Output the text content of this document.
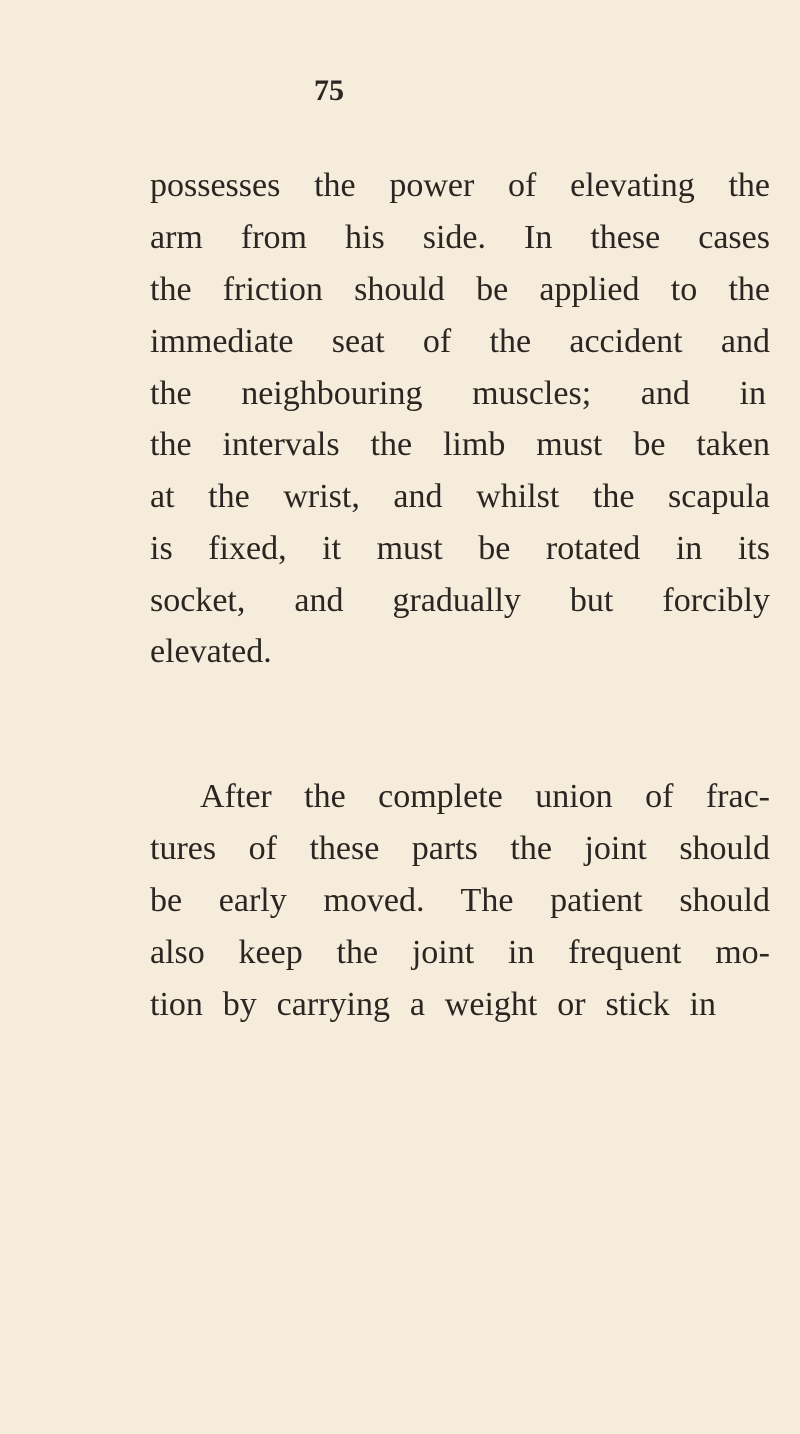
75
possesses the power of elevating the
arm from his side. In these cases
the friction should be applied to the
immediate seat of the accident and
the neighbouring muscles; and in
the intervals the limb must be taken
at the wrist, and whilst the scapula
is fixed, it must be rotated in its
socket, and gradually but forcibly
elevated.
After the complete union of frac-
tures of these parts the joint should
be early moved. The patient should
also keep the joint in frequent mo-
tion by carrying a weight or stick in
